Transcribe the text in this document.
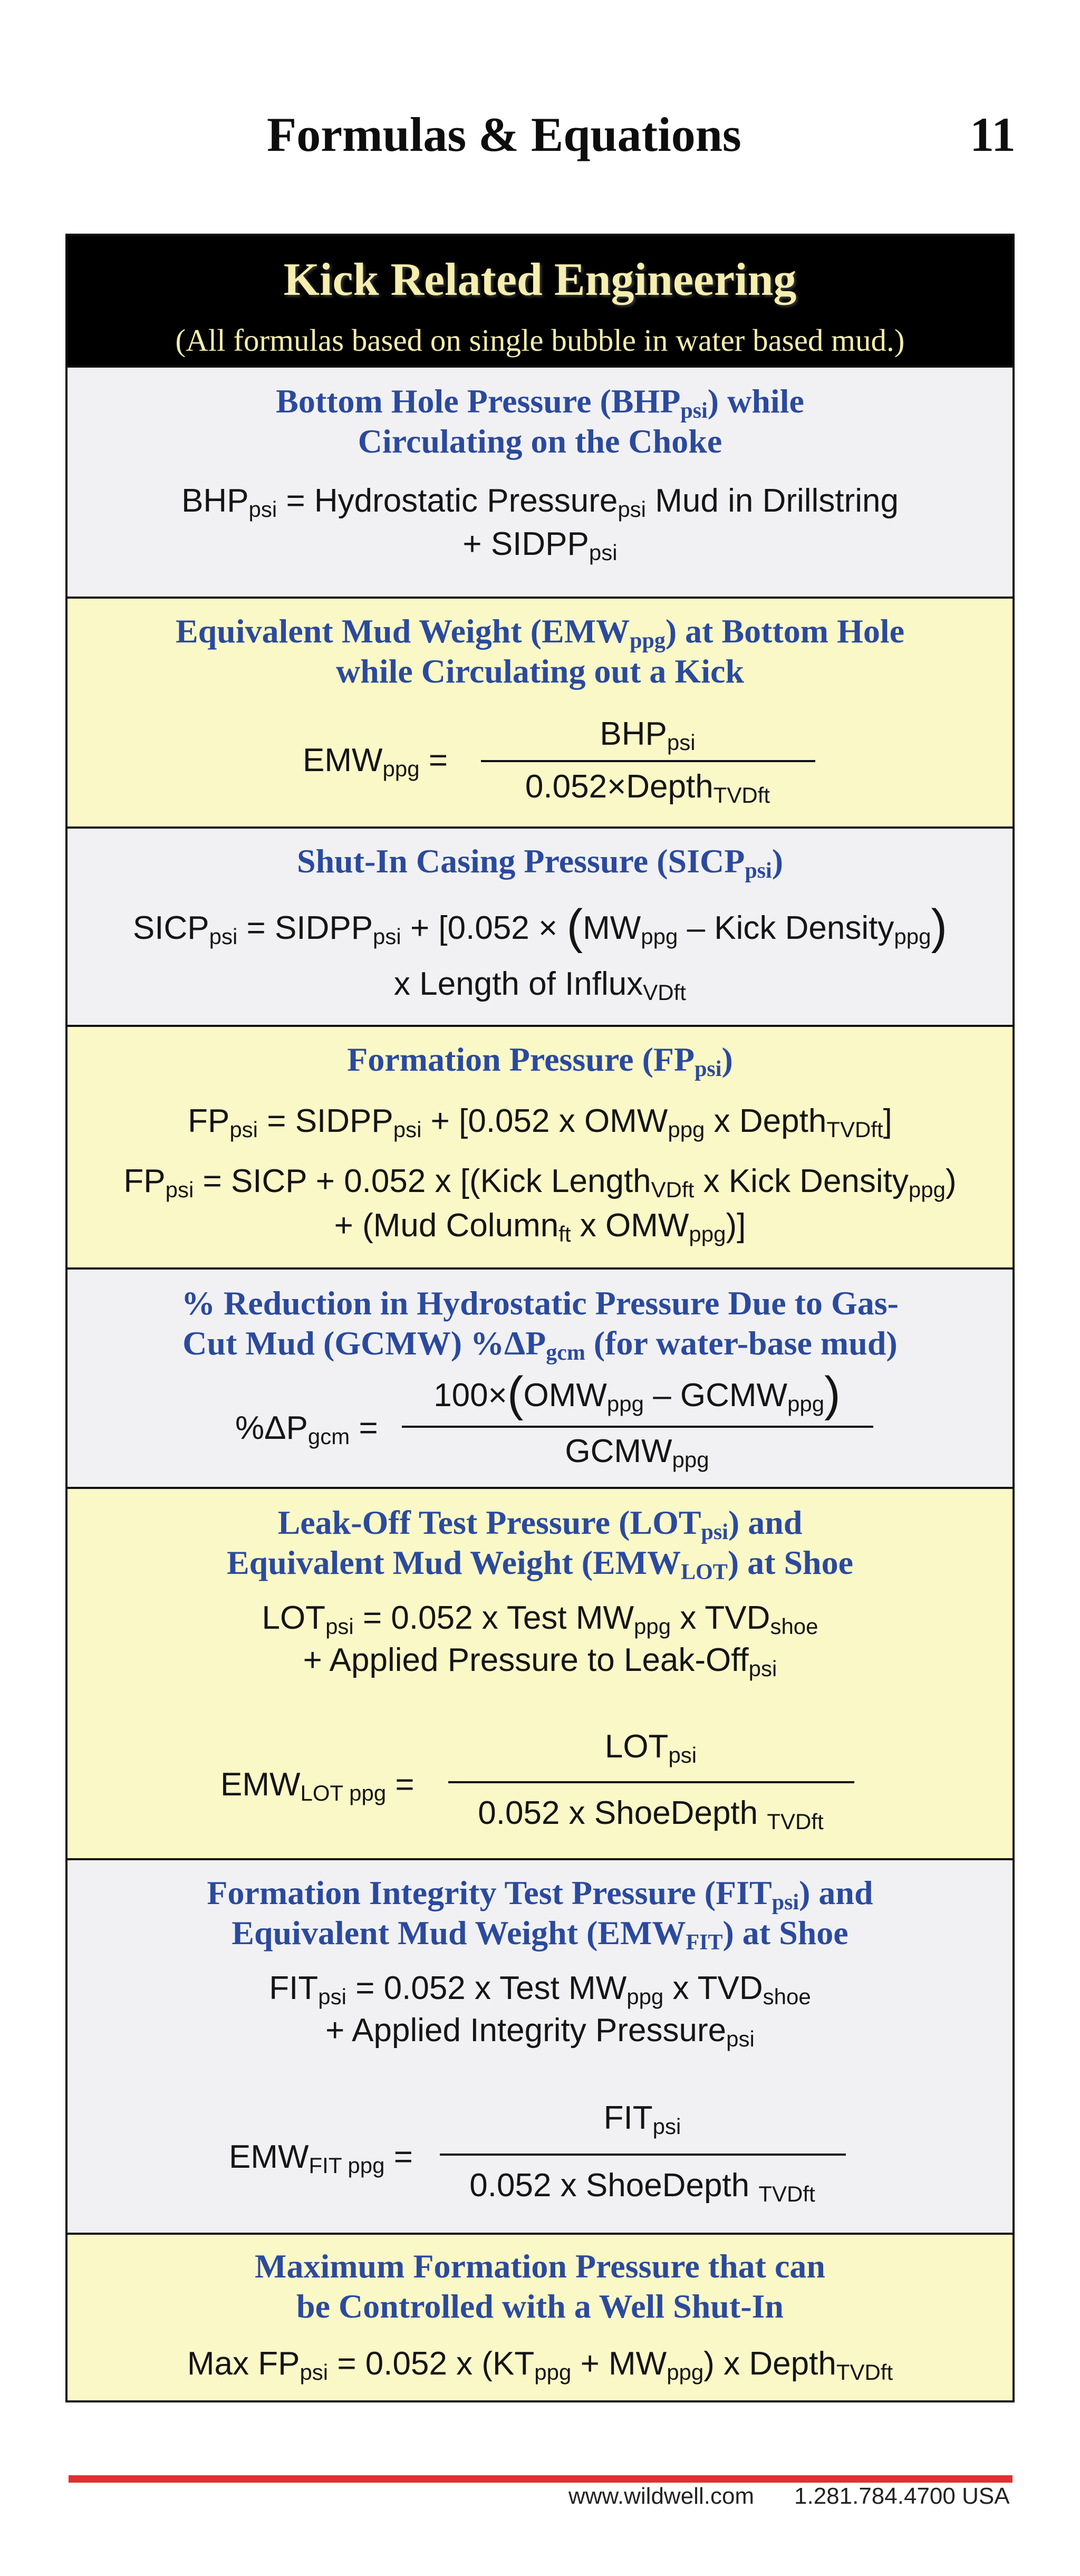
Formulas & Equations	11
Kick Related Engineering
(All formulas based on single bubble in water based mud.)
Bottom Hole Pressure $(BHP_{psi})$ while
Circulating on the Choke
$BHP_{psi}$ = Hydrostatic Pressure$_{psi}$ Mud in Drillstring
+ $SIDPP_{psi}$
Equivalent Mud Weight $(EMW_{ppg})$ at Bottom Hole
while Circulating out a Kick
$EMW_{ppg}$ =
$BHP_{psi}$
0.052×Depth$_{TVDft}$
Shut-In Casing Pressure $(SICP_{psi})$
$SICP_{psi}$ = $SIDPP_{psi} + [0.052 \times (MW_{ppg}$ – Kick Density$_{ppg}$)
x Length of Influx$_{VDft}$
Formation Pressure $(FP_{psi})$
$FP_{psi}$ = $SIDPP_{psi} + [0.052$ x $OMW_{ppg}$ x Depth$_{TVDft}$]
$FP_{psi}$ = SICP + 0.052 x [(Kick Length$_{VDft}$ x Kick Density$_{ppg}$)
+ (Mud Column$_{ft}$ x $OMW_{ppg}$)]
% Reduction in Hydrostatic Pressure Due to Gas-
Cut Mud (GCMW) $\%\Delta P_{gcm}$ (for water-base mud)
$\%\Delta P_{gcm}$ =
$100\times(OMW_{ppg}$ – $GCMW_{ppg}$)
$GCMW_{ppg}$
Leak-Off Test Pressure $(LOT_{psi})$ and
Equivalent Mud Weight $(EMW_{LOT})$ at Shoe
$LOT_{psi} = 0.052$ x Test $MW_{ppg}$ x $TVD_{shoe}$
+ Applied Pressure to Leak-Off$_{psi}$
$EMW_{LOT ppg}$ =
$LOT_{psi}$
0.052 x ShoeDepth $_{TVDft}$
Formation Integrity Test Pressure $(FIT_{psi})$ and
Equivalent Mud Weight $(EMW_{FIT})$ at Shoe
$FIT_{psi} = 0.052$ x Test $MW_{ppg}$ x $TVD_{shoe}$
+ Applied Integrity Pressure$_{psi}$
$EMW_{FIT ppg}$ =
$FIT_{psi}$
0.052 x ShoeDepth $_{TVDft}$
Maximum Formation Pressure that can
be Controlled with a Well Shut-In
Max $FP_{psi} = 0.052$ x $(KT_{ppg} + MW_{ppg})$ x Depth$_{TVDft}$
www.wildwell.com 1.281.784.4700 USA
